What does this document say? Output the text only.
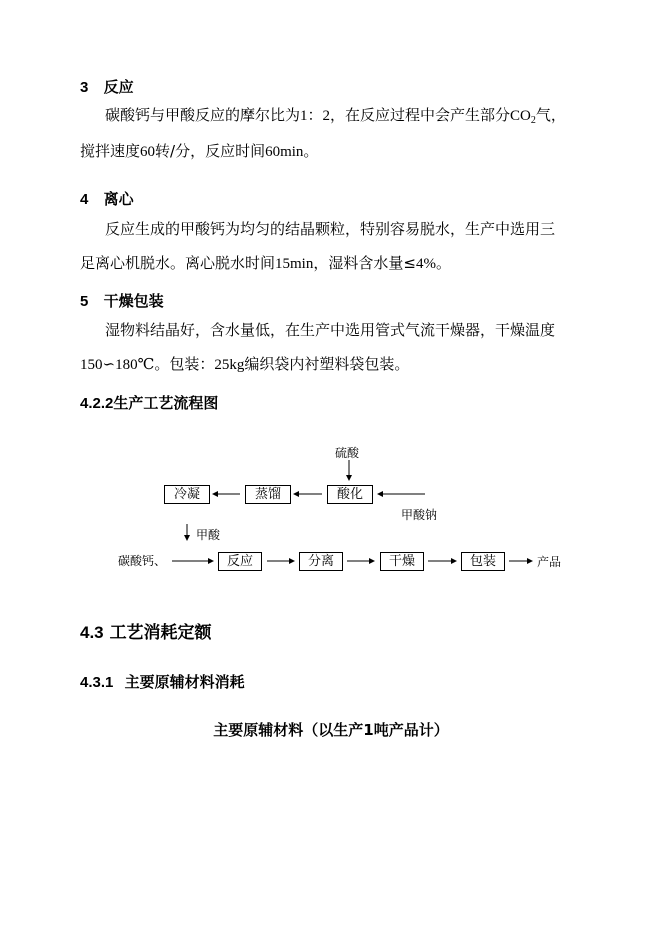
3 反应
碳酸钙与甲酸反应的摩尔比为1：2，在反应过程中会产生部分$CO_2$气，
搅拌速度60转/分，反应时间60min。
4 离心
反应生成的甲酸钙为均匀的结晶颗粒，特别容易脱水，生产中选用三
足离心机脱水。离心脱水时间15min，湿料含水量≤4%。
5 干燥包装
湿物料结晶好，含水量低，在生产中选用管式气流干燥器，干燥温度
150∽180℃。包装：25kg编织袋内衬塑料袋包装。
4.2.2生产工艺流程图
硫酸
冷凝	蒸馏	酸化
甲酸钠
甲酸
碳酸钙、	反应	分离	干燥	包装	产品
4.3 工艺消耗定额
4.3.1 主要原辅材料消耗
主要原辅材料（以生产1吨产品计）
